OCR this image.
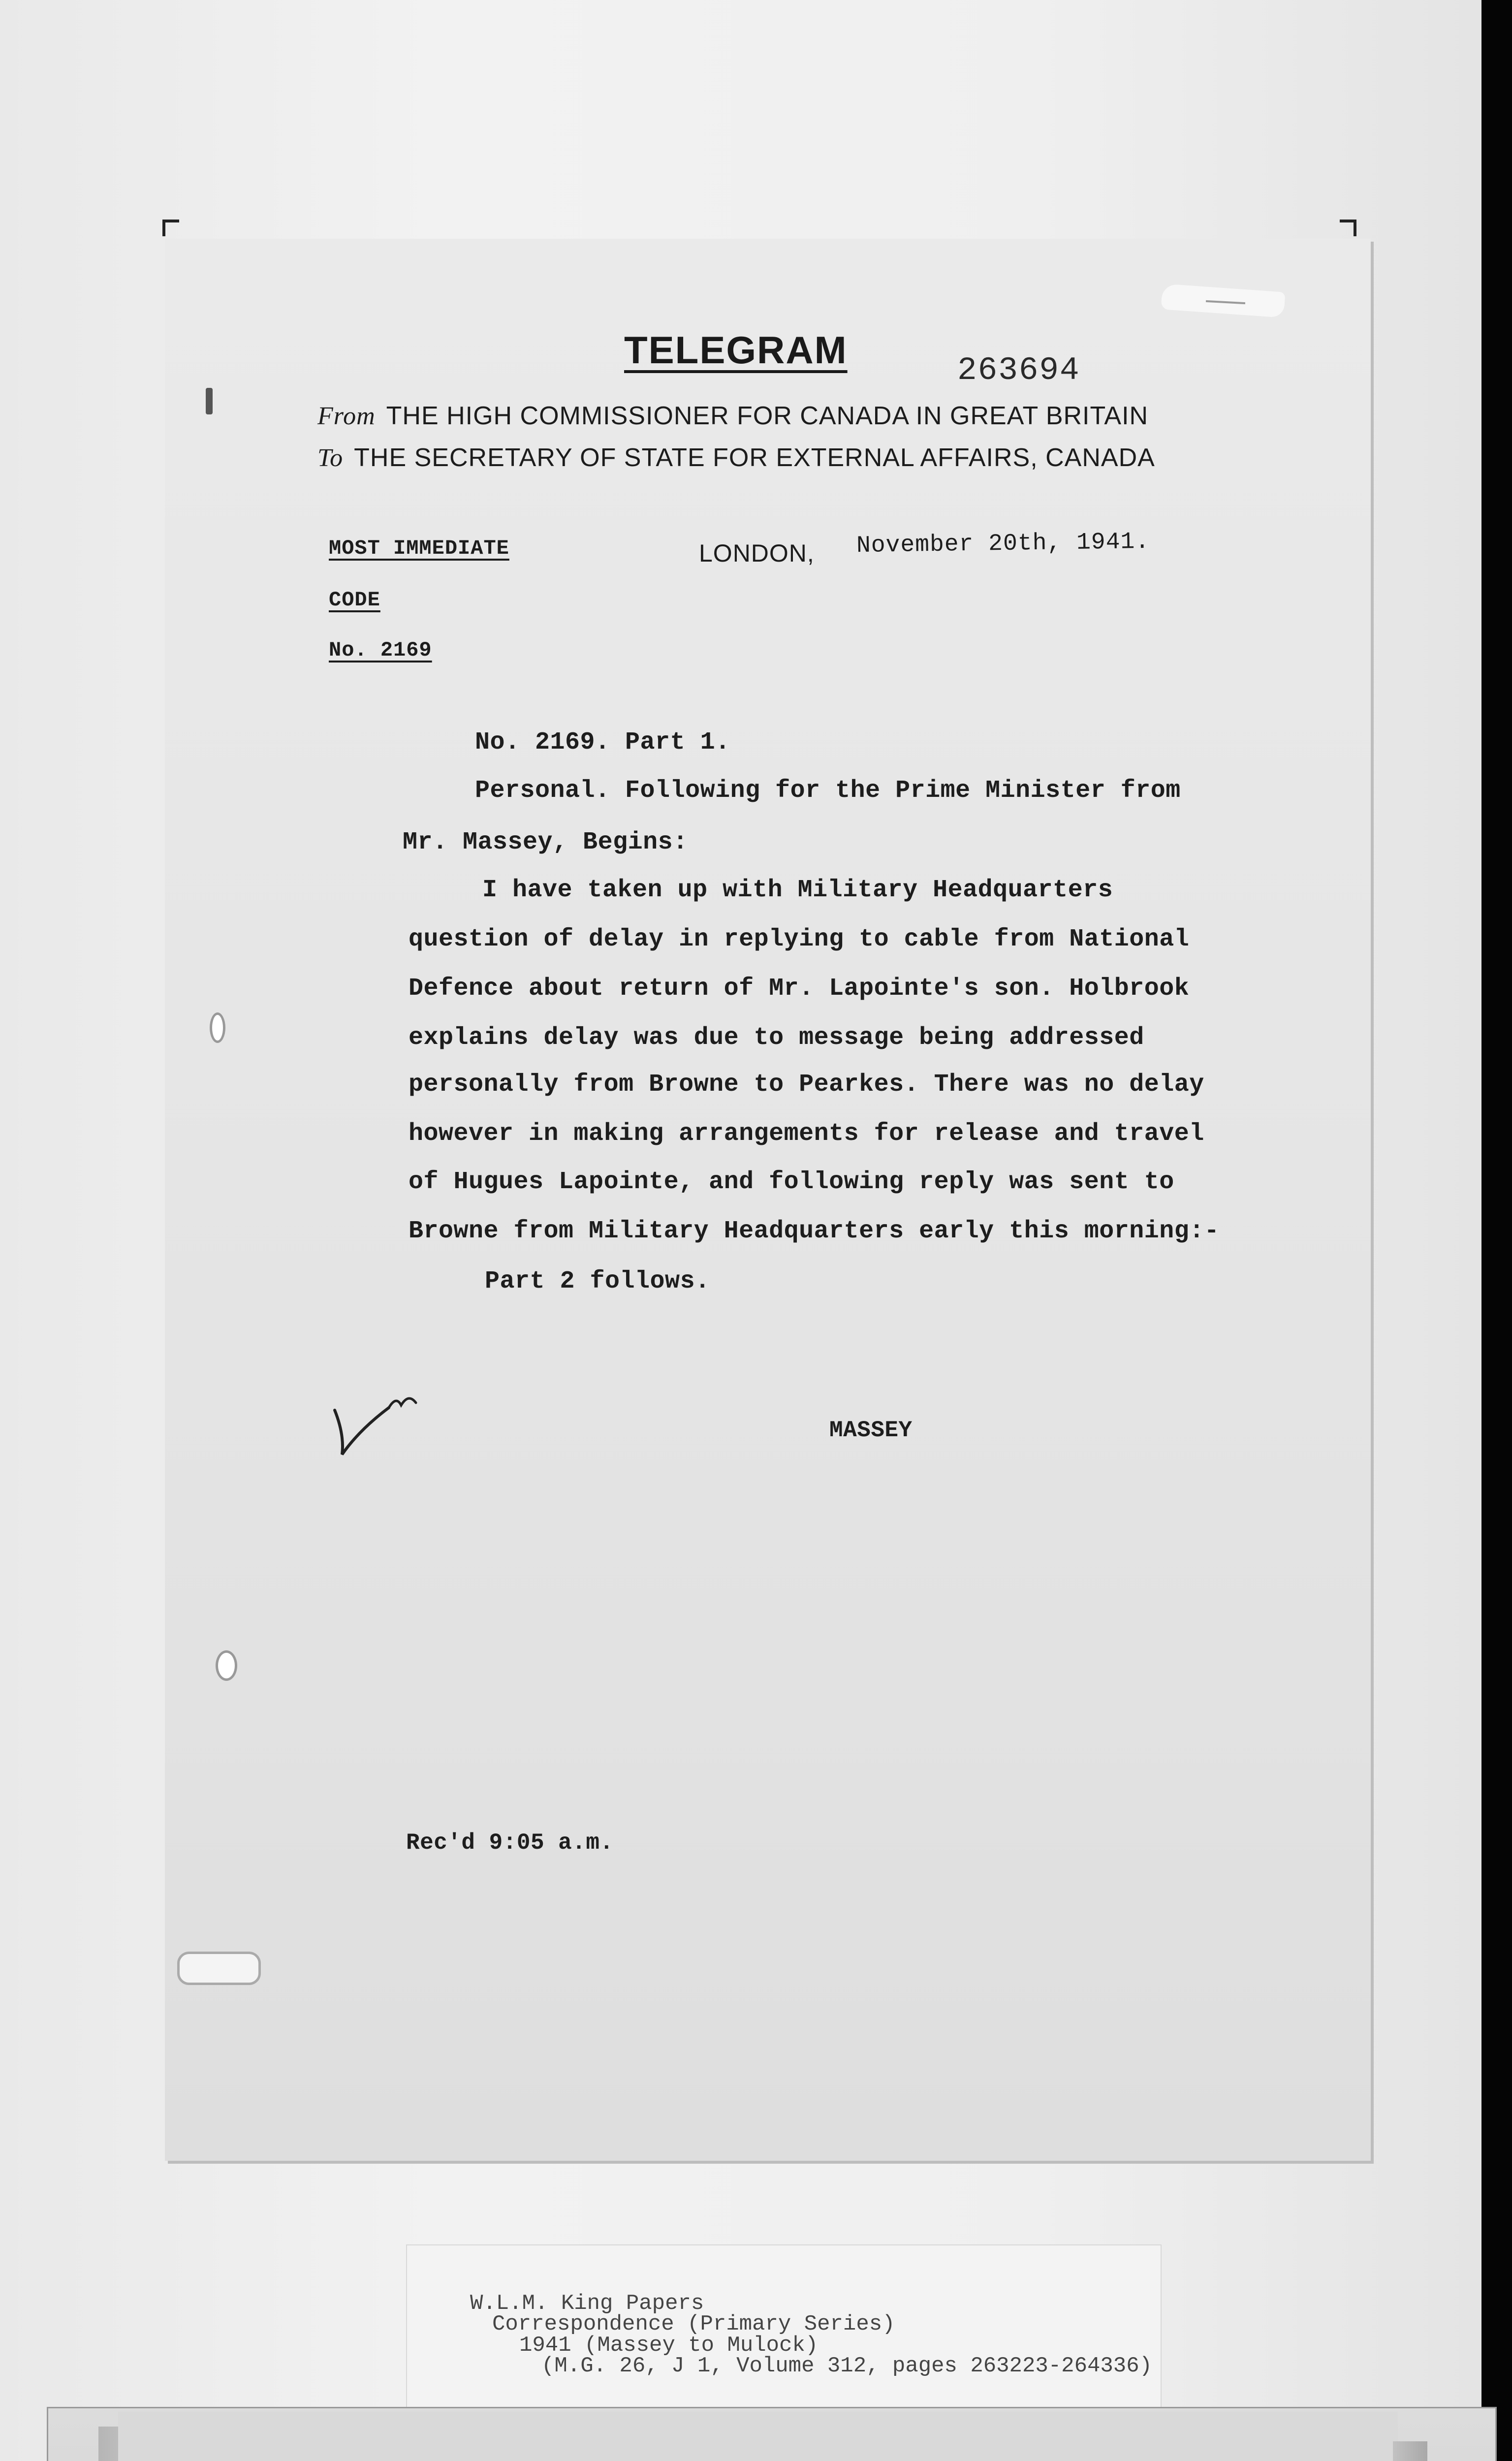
TELEGRAM	263694
From THE HIGH COMMISSIONER FOR CANADA IN GREAT BRITAIN
To THE SECRETARY OF STATE FOR EXTERNAL AFFAIRS, CANADA
MOST IMMEDIATE
CODE
No. 2169
LONDON, November 20th, 1941.
No. 2169. Part 1.
Personal. Following for the Prime Minister from
Mr. Massey, Begins:
I have taken up with Military Headquarters
question of delay in replying to cable from National
Defence about return of Mr. Lapointe's son. Holbrook
explains delay was due to message being addressed
personally from Browne to Pearkes. There was no delay
however in making arrangements for release and travel
of Hugues Lapointe, and following reply was sent to
Browne from Military Headquarters early this morning:-
Part 2 follows.
MASSEY
Rec'd 9:05 a.m.
W.L.M. King Papers
Correspondence (Primary Series)
1941 (Massey to Mulock)
(M.G. 26, J 1, Volume 312, pages 263223-264336)
